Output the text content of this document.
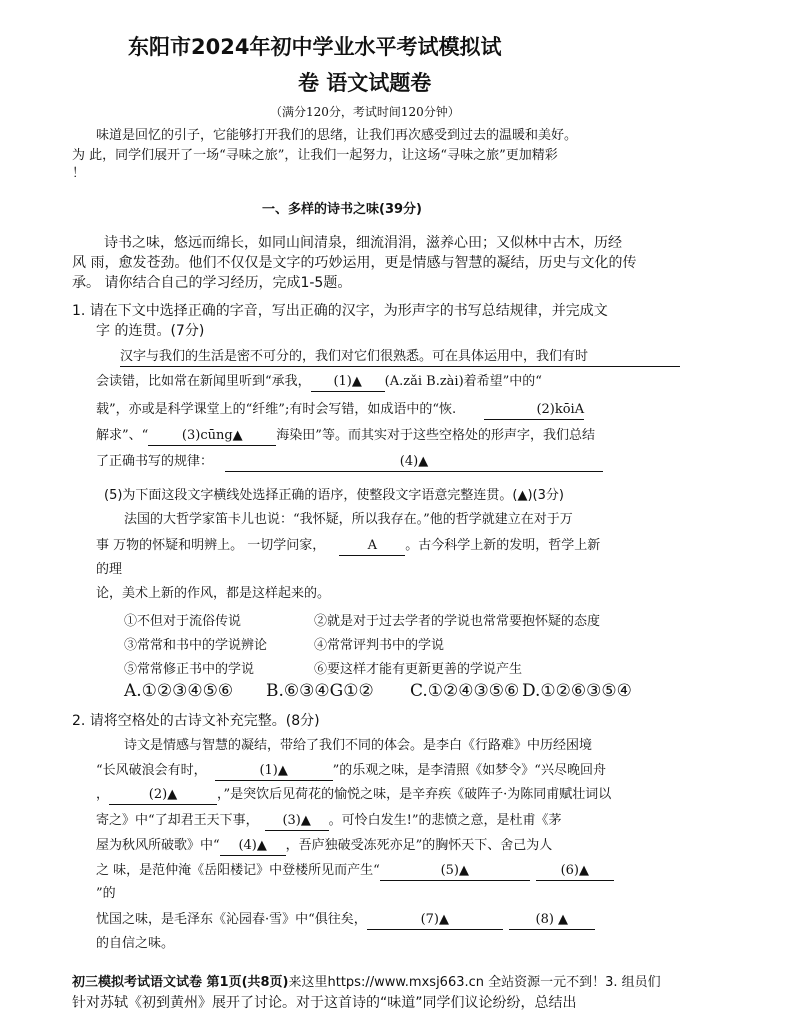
东阳市2024年初中学业水平考试模拟试
卷 语文试题卷
（满分120分，考试时间120分钟）
味道是回忆的引子，它能够打开我们的思绪，让我们再次感受到过去的温暖和美好。
为 此，同学们展开了一场“寻味之旅”，让我们一起努力，让这场“寻味之旅”更加精彩
！
一、多样的诗书之味(39分)
诗书之味，悠远而绵长，如同山间清泉，细流涓涓，滋养心田；又似林中古木，历经
风 雨，愈发苍劲。他们不仅仅是文字的巧妙运用，更是情感与智慧的凝结，历史与文化的传
承。 请你结合自己的学习经历，完成1-5题。
1. 请在下文中选择正确的字音，写出正确的汉字，为形声字的书写总结规律，并完成文
字 的连贯。(7分)
汉字与我们的生活是密不可分的，我们对它们很熟悉。可在具体运用中，我们有时
会读错，比如常在新闻里听到“承我， (1)▲ (A.zǎi B.zài)着希望”中的“
载”，亦或是科学课堂上的“纤维”;有时会写错，如成语中的“恢.	(2)kōiA
解求”、“	(3)cūng▲	海染田”等。而其实对于这些空格处的形声字，我们总结
了正确书写的规律：	(4)▲
(5)为下面这段文字横线处选择正确的语序，使整段文字语意完整连贯。(▲)(3分)
法国的大哲学家笛卡儿也说：“我怀疑，所以我存在。”他的哲学就建立在对于万
事 万物的怀疑和明辨上。 一切学问家，	A 。古今科学上新的发明，哲学上新
的理
论，美术上新的作风，都是这样起来的。
①不但对于流俗传说	②就是对于过去学者的学说也常常要抱怀疑的态度
③常常和书中的学说辨论	④常常评判书中的学说
⑤常常修正书中的学说	⑥要这样才能有更新更善的学说产生
A.①②③④⑤⑥ B.⑥③④G①② C.①②④③⑤⑥ D.①②⑥③⑤④
2. 请将空格处的古诗文补充完整。(8分)
诗文是情感与智慧的凝结，带给了我们不同的体会。是李白《行路难》中历经困境
“长风破浪会有时，	(1)▲	”的乐观之味，是李清照《如梦令》“兴尽晚回舟
，	(2)▲	，”是突饮后见荷花的愉悦之味，是辛弃疾《破阵子·为陈同甫赋壮词以
寄之》中“了却君王天下事， (3)▲ 。可怜白发生!”的悲愤之意，是杜甫《茅
屋为秋风所破歌》中“ (4)▲ ，吾庐独破受冻死亦足”的胸怀天下、舍己为人
之 味，是范仲淹《岳阳楼记》中登楼所见而产生“	(5)▲	(6)▲
”的
忧国之味，是毛泽东《沁园春·雪》中“俱往矣，	(7)▲	(8) ▲
的自信之味。
初三模拟考试语文试卷 第1页(共8页)来这里https://www.mxsj663.cn 全站资源一元不到！3. 组员们
针对苏轼《初到黄州》展开了讨论。对于这首诗的“味道”同学们议论纷纷，总结出
